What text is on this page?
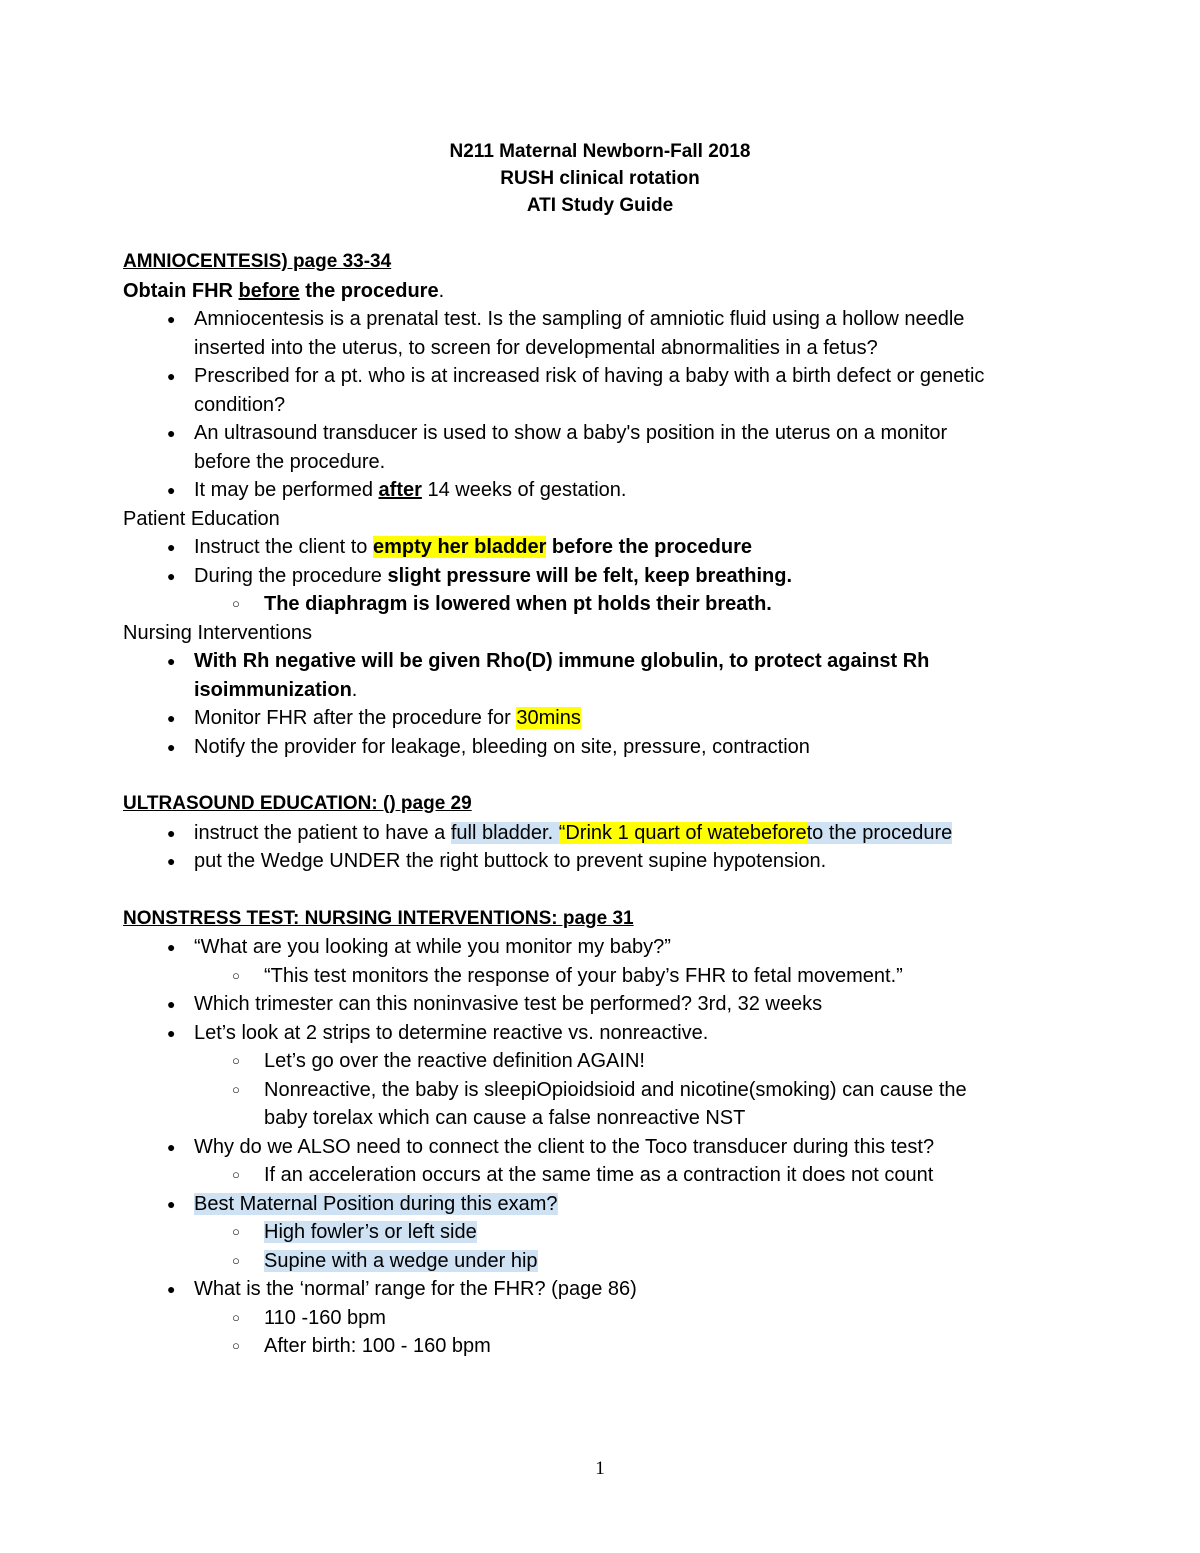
N211 Maternal Newborn-Fall 2018
RUSH clinical rotation
ATI Study Guide
AMNIOCENTESIS) page 33-34
Obtain FHR before the procedure.
● Amniocentesis is a prenatal test. Is the sampling of amniotic fluid using a hollow needle
inserted into the uterus, to screen for developmental abnormalities in a fetus?
● Prescribed for a pt. who is at increased risk of having a baby with a birth defect or genetic
condition?
● An ultrasound transducer is used to show a baby's position in the uterus on a monitor
before the procedure.
● It may be performed after 14 weeks of gestation.
Patient Education
● Instruct the client to empty her bladder before the procedure
● During the procedure slight pressure will be felt, keep breathing.
○ The diaphragm is lowered when pt holds their breath.
Nursing Interventions
● With Rh negative will be given Rho(D) immune globulin, to protect against Rh
isoimmunization.
● Monitor FHR after the procedure for 30mins
● Notify the provider for leakage, bleeding on site, pressure, contraction
ULTRASOUND EDUCATION: () page 29
● instruct the patient to have a full bladder. “Drink 1 quart of watebeforeto the procedure
● put the Wedge UNDER the right buttock to prevent supine hypotension.
NONSTRESS TEST: NURSING INTERVENTIONS: page 31
● “What are you looking at while you monitor my baby?”
○ “This test monitors the response of your baby’s FHR to fetal movement.”
● Which trimester can this noninvasive test be performed? 3rd, 32 weeks
● Let’s look at 2 strips to determine reactive vs. nonreactive.
○ Let’s go over the reactive definition AGAIN!
○ Nonreactive, the baby is sleepiOpioidsioid and nicotine(smoking) can cause the
baby torelax which can cause a false nonreactive NST
● Why do we ALSO need to connect the client to the Toco transducer during this test?
○ If an acceleration occurs at the same time as a contraction it does not count
● Best Maternal Position during this exam?
○ High fowler’s or left side
○ Supine with a wedge under hip
● What is the ‘normal’ range for the FHR? (page 86)
○ 110 -160 bpm
○ After birth: 100 - 160 bpm
1
